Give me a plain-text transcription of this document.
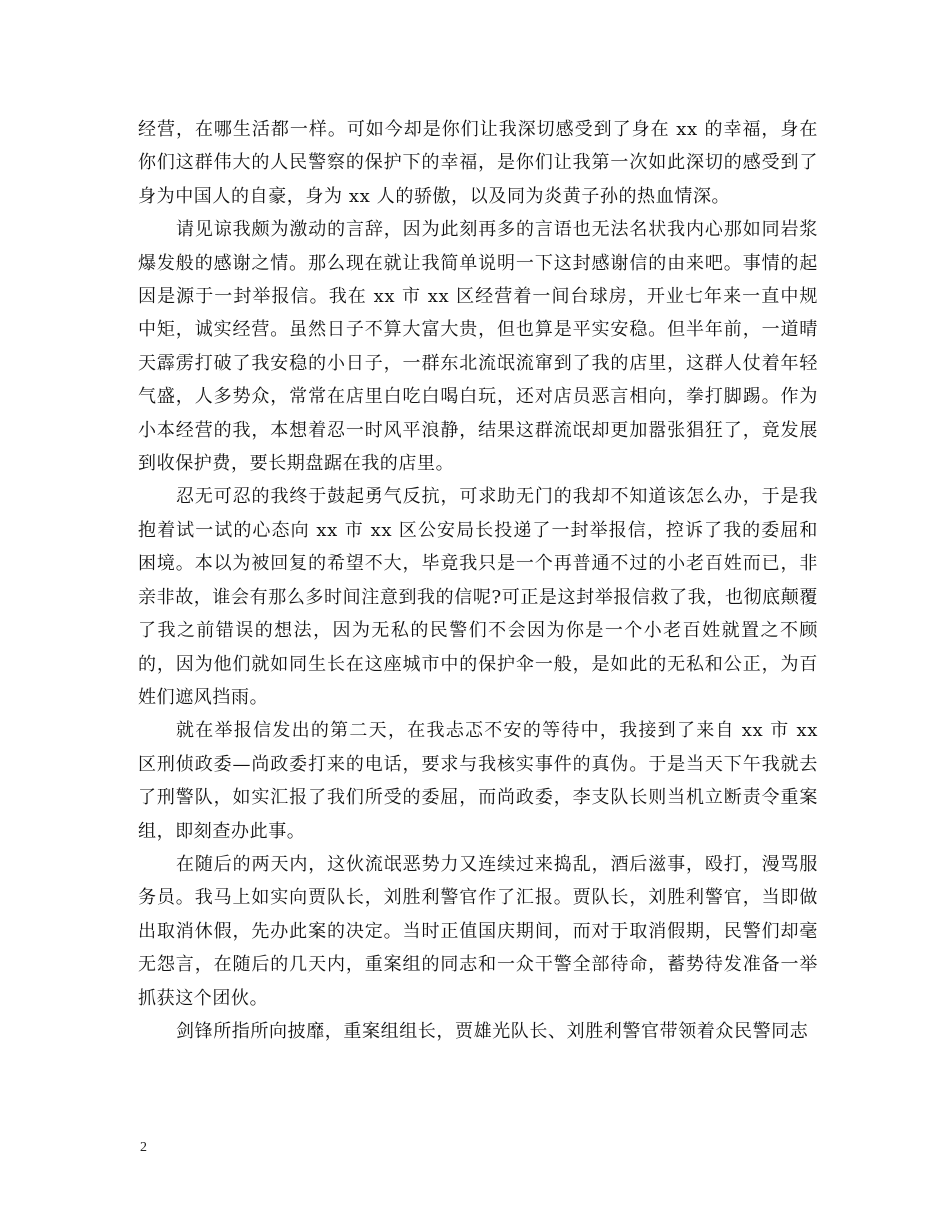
经营，在哪生活都一样。可如今却是你们让我深切感受到了身在 xx 的幸福，身在你们这群伟大的人民警察的保护下的幸福，是你们让我第一次如此深切的感受到了身为中国人的自豪，身为 xx 人的骄傲，以及同为炎黄子孙的热血情深。

请见谅我颇为激动的言辞，因为此刻再多的言语也无法名状我内心那如同岩浆爆发般的感谢之情。那么现在就让我简单说明一下这封感谢信的由来吧。事情的起因是源于一封举报信。我在 xx 市 xx 区经营着一间台球房，开业七年来一直中规中矩，诚实经营。虽然日子不算大富大贵，但也算是平实安稳。但半年前，一道晴天霹雳打破了我安稳的小日子，一群东北流氓流窜到了我的店里，这群人仗着年轻气盛，人多势众，常常在店里白吃白喝白玩，还对店员恶言相向，拳打脚踢。作为小本经营的我，本想着忍一时风平浪静，结果这群流氓却更加嚣张猖狂了，竟发展到收保护费，要长期盘踞在我的店里。

忍无可忍的我终于鼓起勇气反抗，可求助无门的我却不知道该怎么办，于是我抱着试一试的心态向 xx 市 xx 区公安局长投递了一封举报信，控诉了我的委屈和困境。本以为被回复的希望不大，毕竟我只是一个再普通不过的小老百姓而已，非亲非故，谁会有那么多时间注意到我的信呢?可正是这封举报信救了我，也彻底颠覆了我之前错误的想法，因为无私的民警们不会因为你是一个小老百姓就置之不顾的，因为他们就如同生长在这座城市中的保护伞一般，是如此的无私和公正，为百姓们遮风挡雨。

就在举报信发出的第二天，在我忐忑不安的等待中，我接到了来自 xx 市 xx 区刑侦政委—尚政委打来的电话，要求与我核实事件的真伪。于是当天下午我就去了刑警队，如实汇报了我们所受的委屈，而尚政委，李支队长则当机立断责令重案组，即刻查办此事。

在随后的两天内，这伙流氓恶势力又连续过来捣乱，酒后滋事，殴打，漫骂服务员。我马上如实向贾队长，刘胜利警官作了汇报。贾队长，刘胜利警官，当即做出取消休假，先办此案的决定。当时正值国庆期间，而对于取消假期，民警们却毫无怨言，在随后的几天内，重案组的同志和一众干警全部待命，蓄势待发准备一举抓获这个团伙。

剑锋所指所向披靡，重案组组长，贾雄光队长、刘胜利警官带领着众民警同志

2
